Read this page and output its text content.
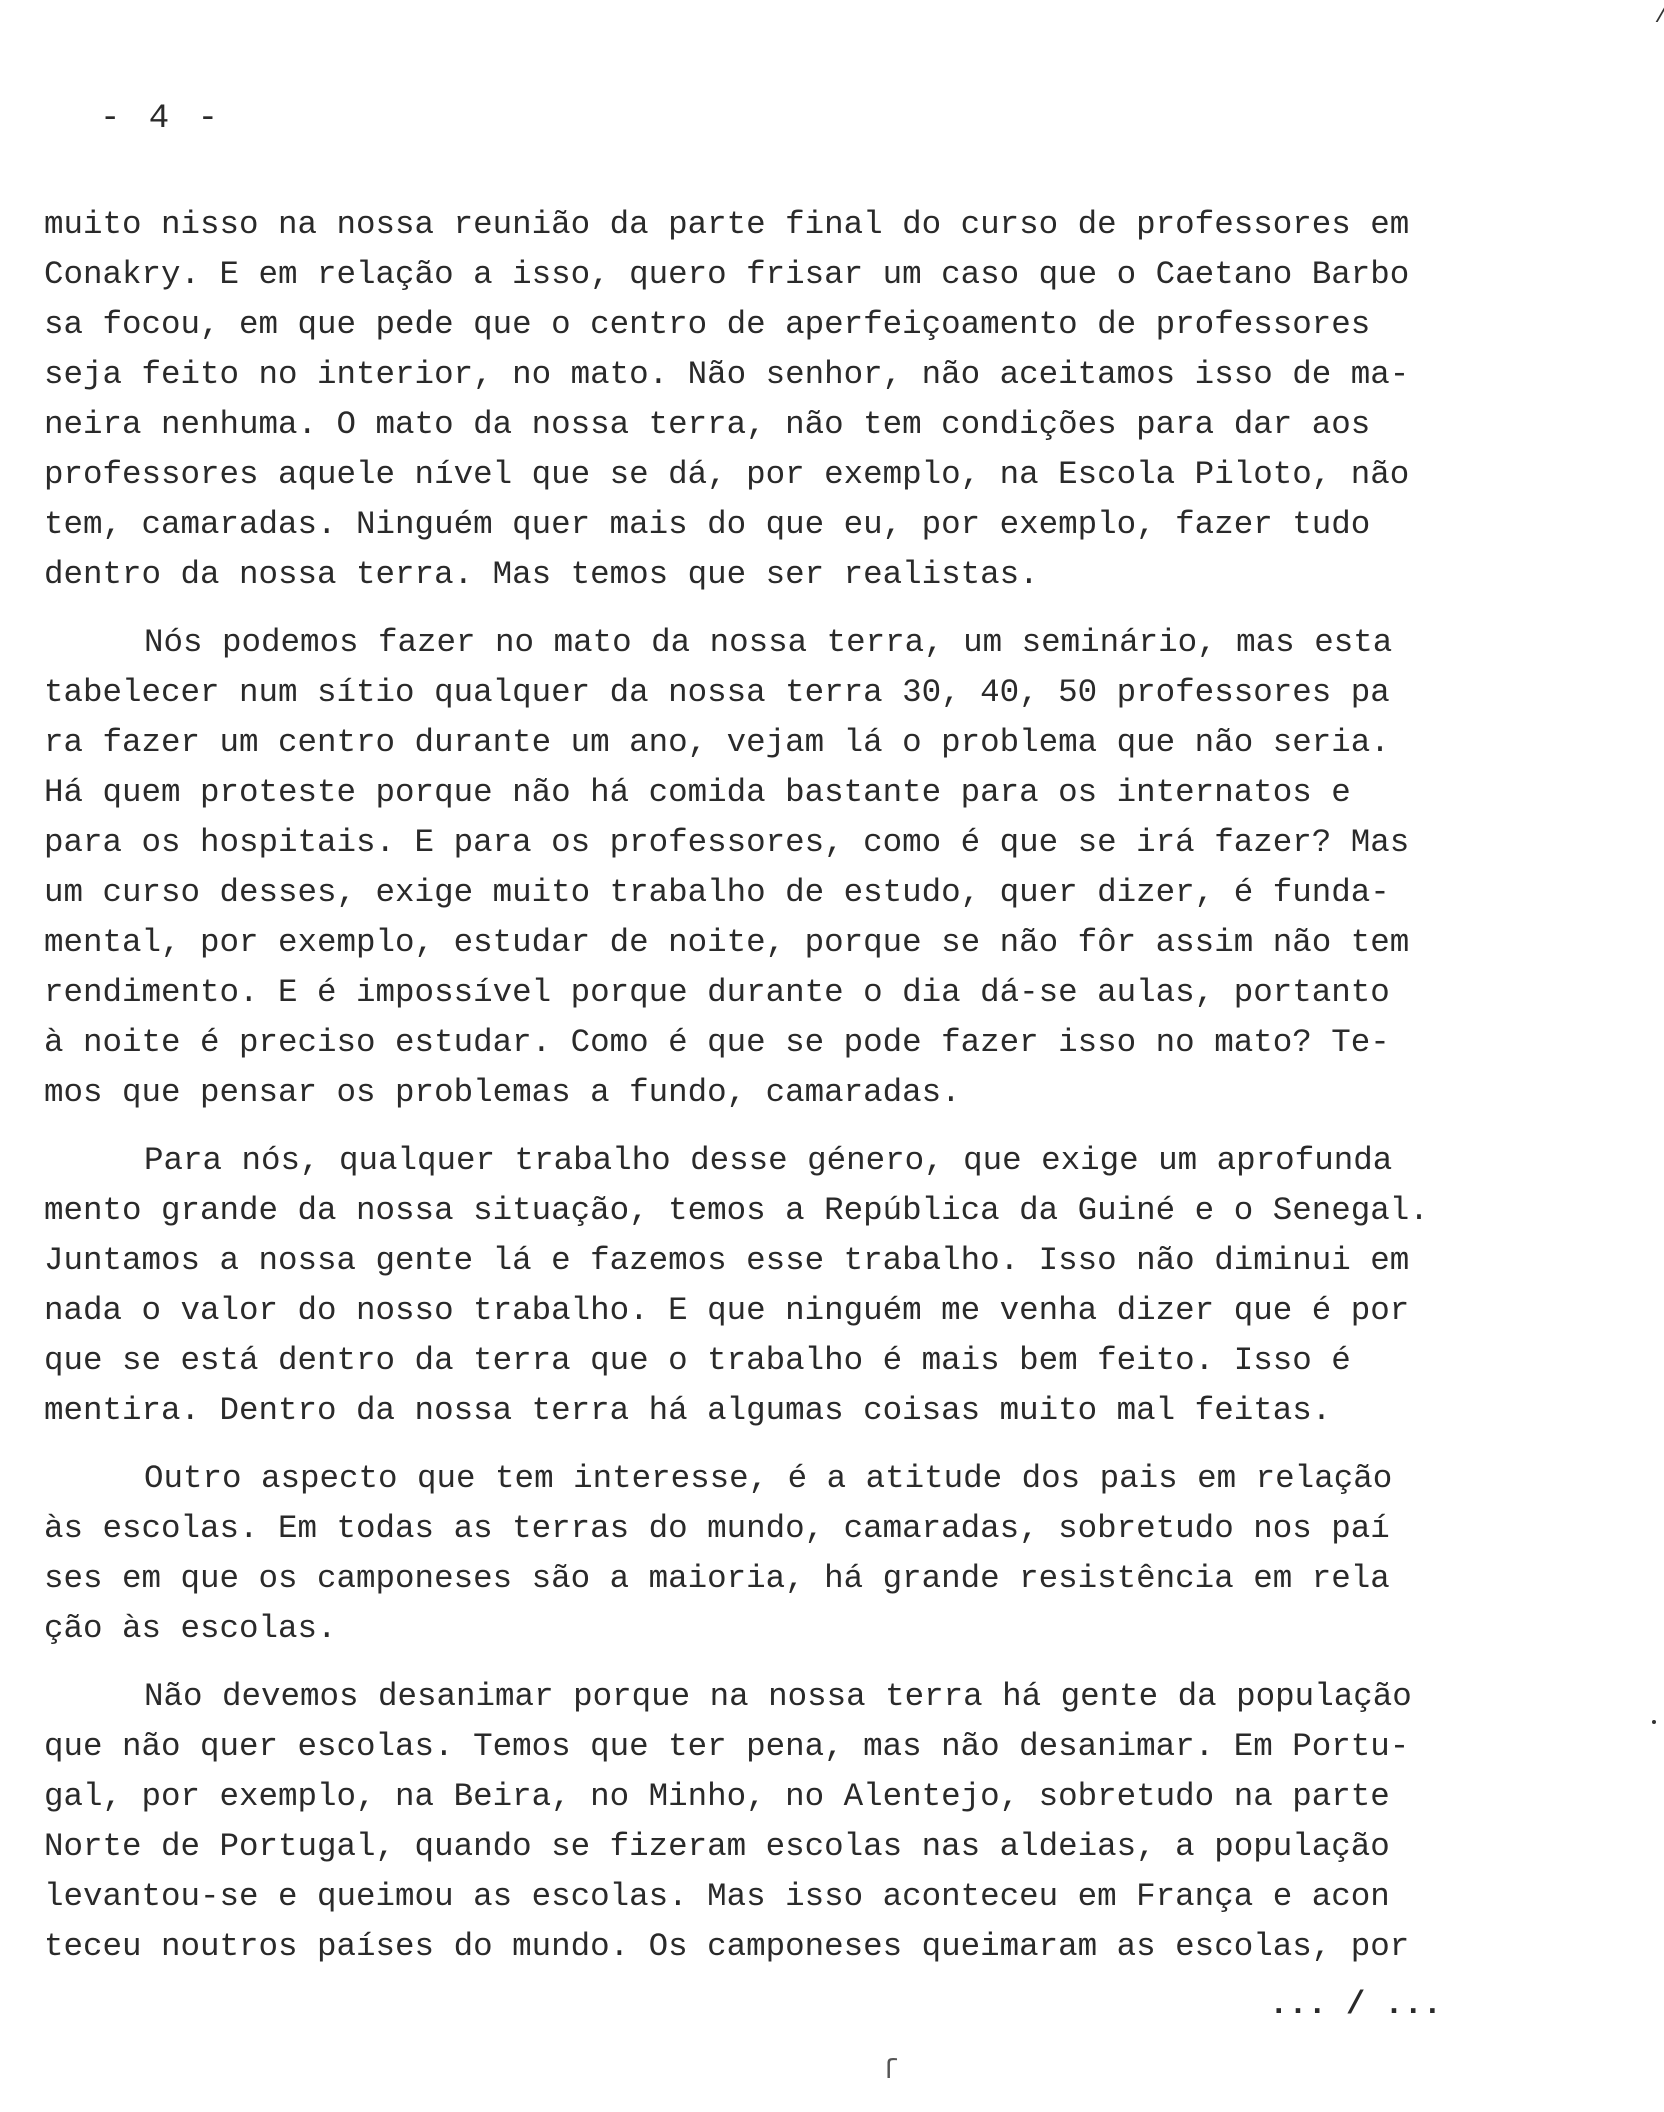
- 4 -
muito nisso na nossa reunião da parte final do curso de professores em
Conakry. E em relação a isso, quero frisar um caso que o Caetano Barbo
sa focou, em que pede que o centro de aperfeiçoamento de professores
seja feito no interior, no mato. Não senhor, não aceitamos isso de ma-
neira nenhuma. O mato da nossa terra, não tem condições para dar aos
professores aquele nível que se dá, por exemplo, na Escola Piloto, não
tem, camaradas. Ninguém quer mais do que eu, por exemplo, fazer tudo
dentro da nossa terra. Mas temos que ser realistas.
Nós podemos fazer no mato da nossa terra, um seminário, mas esta
tabelecer num sítio qualquer da nossa terra 30, 40, 50 professores pa
ra fazer um centro durante um ano, vejam lá o problema que não seria.
Há quem proteste porque não há comida bastante para os internatos e
para os hospitais. E para os professores, como é que se irá fazer? Mas
um curso desses, exige muito trabalho de estudo, quer dizer, é funda-
mental, por exemplo, estudar de noite, porque se não fôr assim não tem
rendimento. E é impossível porque durante o dia dá-se aulas, portanto
à noite é preciso estudar. Como é que se pode fazer isso no mato? Te-
mos que pensar os problemas a fundo, camaradas.
Para nós, qualquer trabalho desse género, que exige um aprofunda
mento grande da nossa situação, temos a República da Guiné e o Senegal.
Juntamos a nossa gente lá e fazemos esse trabalho. Isso não diminui em
nada o valor do nosso trabalho. E que ninguém me venha dizer que é por
que se está dentro da terra que o trabalho é mais bem feito. Isso é
mentira. Dentro da nossa terra há algumas coisas muito mal feitas.
Outro aspecto que tem interesse, é a atitude dos pais em relação
às escolas. Em todas as terras do mundo, camaradas, sobretudo nos paí
ses em que os camponeses são a maioria, há grande resistência em rela
ção às escolas.
Não devemos desanimar porque na nossa terra há gente da população
que não quer escolas. Temos que ter pena, mas não desanimar. Em Portu-
gal, por exemplo, na Beira, no Minho, no Alentejo, sobretudo na parte
Norte de Portugal, quando se fizeram escolas nas aldeias, a população
levantou-se e queimou as escolas. Mas isso aconteceu em França e acon
teceu noutros países do mundo. Os camponeses queimaram as escolas, por
... / ...
ſ
